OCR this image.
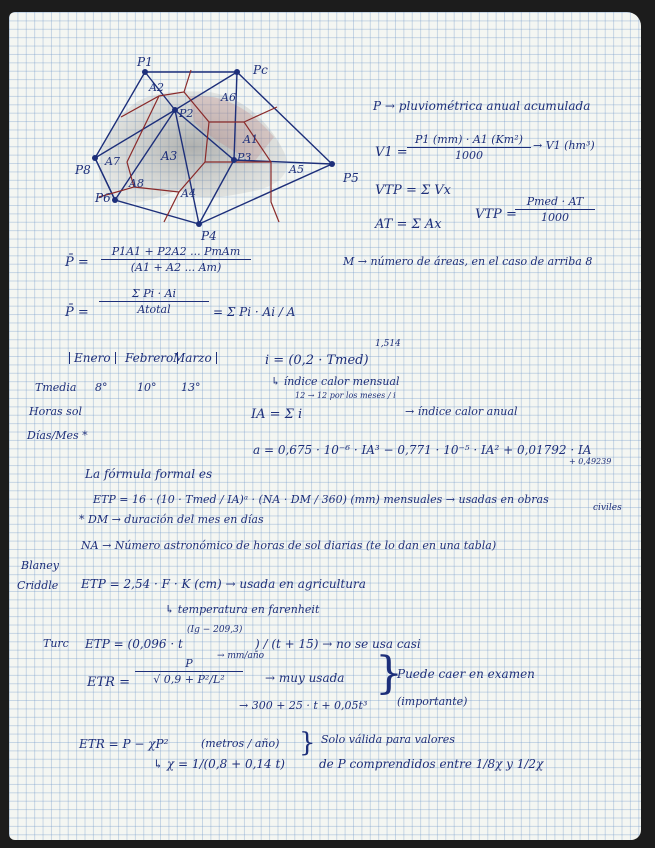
P1
Pc
P2
P3
P5
P4
P6
P8
A2
A6
A1
A3
A5
A4
A7
A8
P → pluviométrica anual acumulada
V1 =
P1 (mm) · A1 (Km²)
1000
→ V1 (hm³)
VTP = Σ Vx
AT = Σ Ax
VTP =
Pmed · AT
1000
P̄ =
P1A1 + P2A2 ... PmAm
(A1 + A2 ... Am)	M → número de áreas, en el caso de arriba 8
P̄ =
Σ Pi · Ai
Atotal	= Σ Pi · Ai / A
Enero	Febrero Marzo
Tmedia 8°	10° 13°
Horas sol
Días/Mes *
i = (0,2 · Tmed)
1,514
↳ índice calor mensual
IA = Σ i
12 → 12 por los meses / i
→ índice calor anual
a = 0,675 · 10⁻⁶ · IA³ − 0,771 · 10⁻⁵ · IA² + 0,01792 · IA
+ 0,49239
La fórmula formal es
ETP = 16 · (10 · Tmed / IA)ᵃ · (NA · DM / 360) (mm) mensuales → usadas en obras
civiles
* DM → duración del mes en días
NA → Número astronómico de horas de sol diarias (te lo dan en una tabla)
Blaney
Criddle ETP = 2,54 · F · K (cm) → usada en agricultura
↳ temperatura en farenheit
Turc ETP = (0,096 · t
(Ig − 209,3)
) / (t + 15) → no se usa casi
ETR =
P
√ 0,9 + P²/L²
→ mm/año
→ muy usada
→ 300 + 25 · t + 0,05t³
}
Puede caer en examen
(importante)
ETR = P − χP²	(metros / año) } Solo válida para valores
↳ χ = 1/(0,8 + 0,14 t)	de P comprendidos entre 1/8χ y 1/2χ
